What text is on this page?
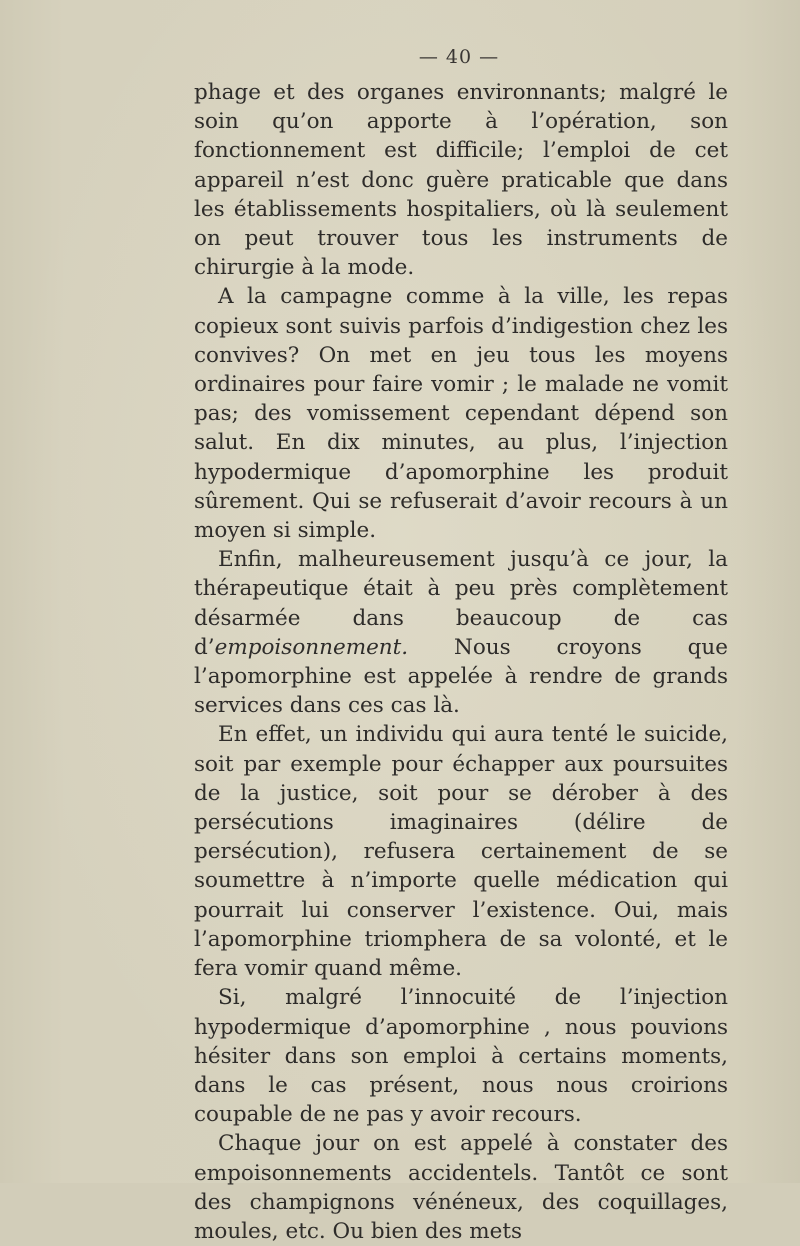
— 40 —

phage et des organes environnants; malgré le soin qu’on apporte à l’opération, son fonctionnement est difficile; l’emploi de cet appareil n’est donc guère praticable que dans les établissements hospitaliers, où là seulement on peut trouver tous les instruments de chirurgie à la mode.

A la campagne comme à la ville, les repas copieux sont suivis parfois d’indigestion chez les convives? On met en jeu tous les moyens ordinaires pour faire vomir ; le malade ne vomit pas; des vomissement cependant dépend son salut. En dix minutes, au plus, l’injection hypodermique d’apomorphine les produit sûrement. Qui se refuserait d’avoir recours à un moyen si simple.

Enfin, malheureusement jusqu’à ce jour, la thérapeutique était à peu près complètement désarmée dans beaucoup de cas d’empoisonnement. Nous croyons que l’apomorphine est appelée à rendre de grands services dans ces cas là.

En effet, un individu qui aura tenté le suicide, soit par exemple pour échapper aux poursuites de la justice, soit pour se dérober à des persécutions imaginaires (délire de persécution), refusera certainement de se soumettre à n’importe quelle médication qui pourrait lui conserver l’existence. Oui, mais l’apomorphine triomphera de sa volonté, et le fera vomir quand même.

Si, malgré l’innocuité de l’injection hypodermique d’apomorphine , nous pouvions hésiter dans son emploi à certains moments, dans le cas présent, nous nous croirions coupable de ne pas y avoir recours.

Chaque jour on est appelé à constater des empoisonnements accidentels. Tantôt ce sont des champignons vénéneux, des coquillages, moules, etc. Ou bien des mets
